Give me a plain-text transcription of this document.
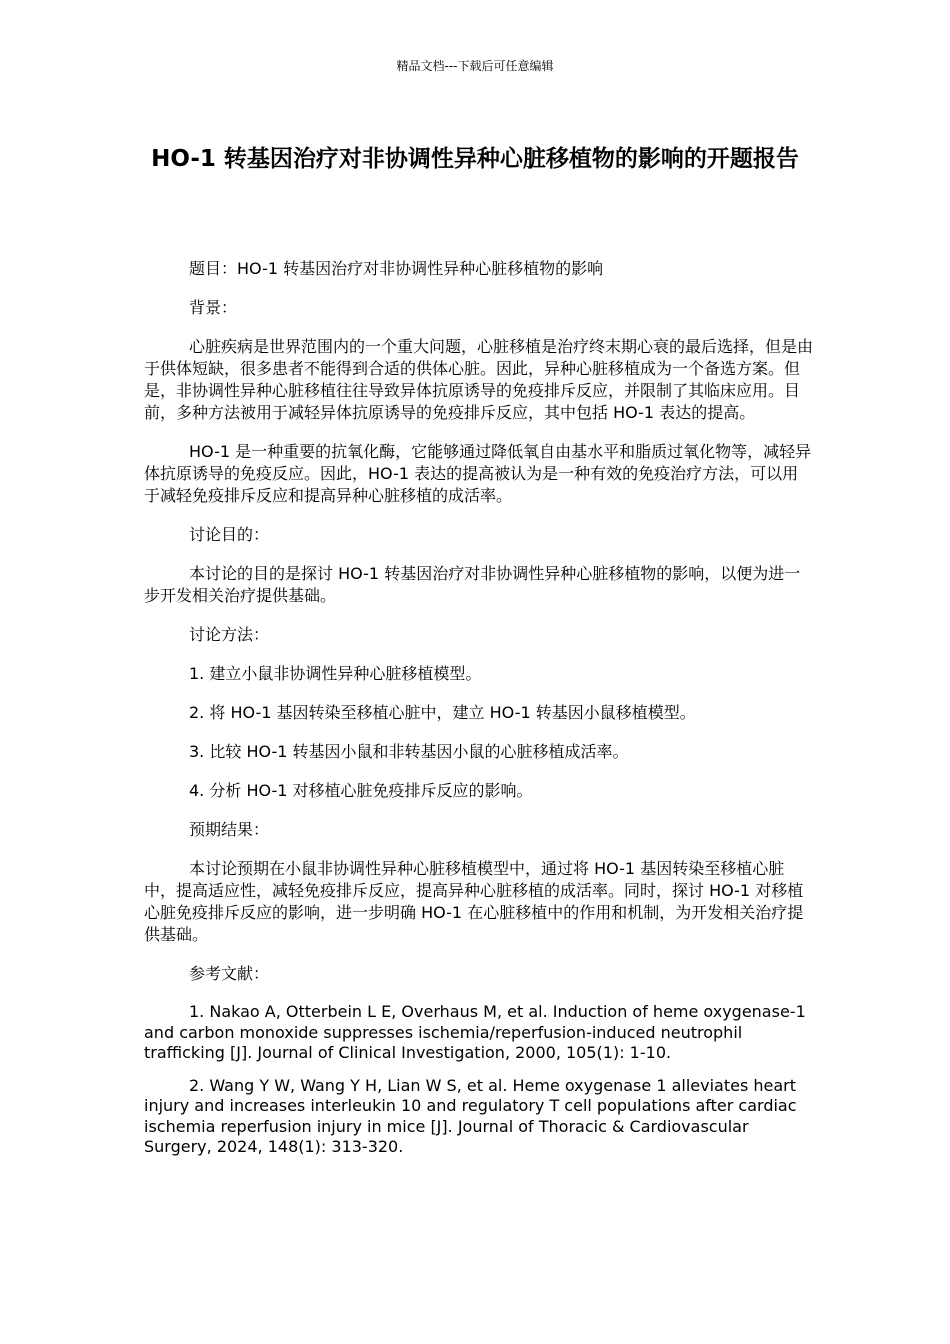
精品文档---下载后可任意编辑
HO-1 转基因治疗对非协调性异种心脏移植物的影响的开题报告

题目：HO-1 转基因治疗对非协调性异种心脏移植物的影响

背景：

心脏疾病是世界范围内的一个重大问题，心脏移植是治疗终末期心衰的最后选择，但是由于供体短缺，很多患者不能得到合适的供体心脏。因此，异种心脏移植成为一个备选方案。但是，非协调性异种心脏移植往往导致异体抗原诱导的免疫排斥反应，并限制了其临床应用。目前，多种方法被用于减轻异体抗原诱导的免疫排斥反应，其中包括 HO-1 表达的提高。

HO-1 是一种重要的抗氧化酶，它能够通过降低氧自由基水平和脂质过氧化物等，减轻异体抗原诱导的免疫反应。因此，HO-1 表达的提高被认为是一种有效的免疫治疗方法，可以用于减轻免疫排斥反应和提高异种心脏移植的成活率。

讨论目的：

本讨论的目的是探讨 HO-1 转基因治疗对非协调性异种心脏移植物的影响，以便为进一步开发相关治疗提供基础。

讨论方法：

1. 建立小鼠非协调性异种心脏移植模型。

2. 将 HO-1 基因转染至移植心脏中，建立 HO-1 转基因小鼠移植模型。

3. 比较 HO-1 转基因小鼠和非转基因小鼠的心脏移植成活率。

4. 分析 HO-1 对移植心脏免疫排斥反应的影响。

预期结果：

本讨论预期在小鼠非协调性异种心脏移植模型中，通过将 HO-1 基因转染至移植心脏中，提高适应性，减轻免疫排斥反应，提高异种心脏移植的成活率。同时，探讨 HO-1 对移植心脏免疫排斥反应的影响，进一步明确 HO-1 在心脏移植中的作用和机制，为开发相关治疗提供基础。

参考文献：

1. Nakao A, Otterbein L E, Overhaus M, et al. Induction of heme oxygenase-1 and carbon monoxide suppresses ischemia/reperfusion-induced neutrophil trafficking [J]. Journal of Clinical Investigation, 2000, 105(1): 1-10.

2. Wang Y W, Wang Y H, Lian W S, et al. Heme oxygenase 1 alleviates heart injury and increases interleukin 10 and regulatory T cell populations after cardiac ischemia reperfusion injury in mice [J]. Journal of Thoracic & Cardiovascular Surgery, 2024, 148(1): 313-320.
